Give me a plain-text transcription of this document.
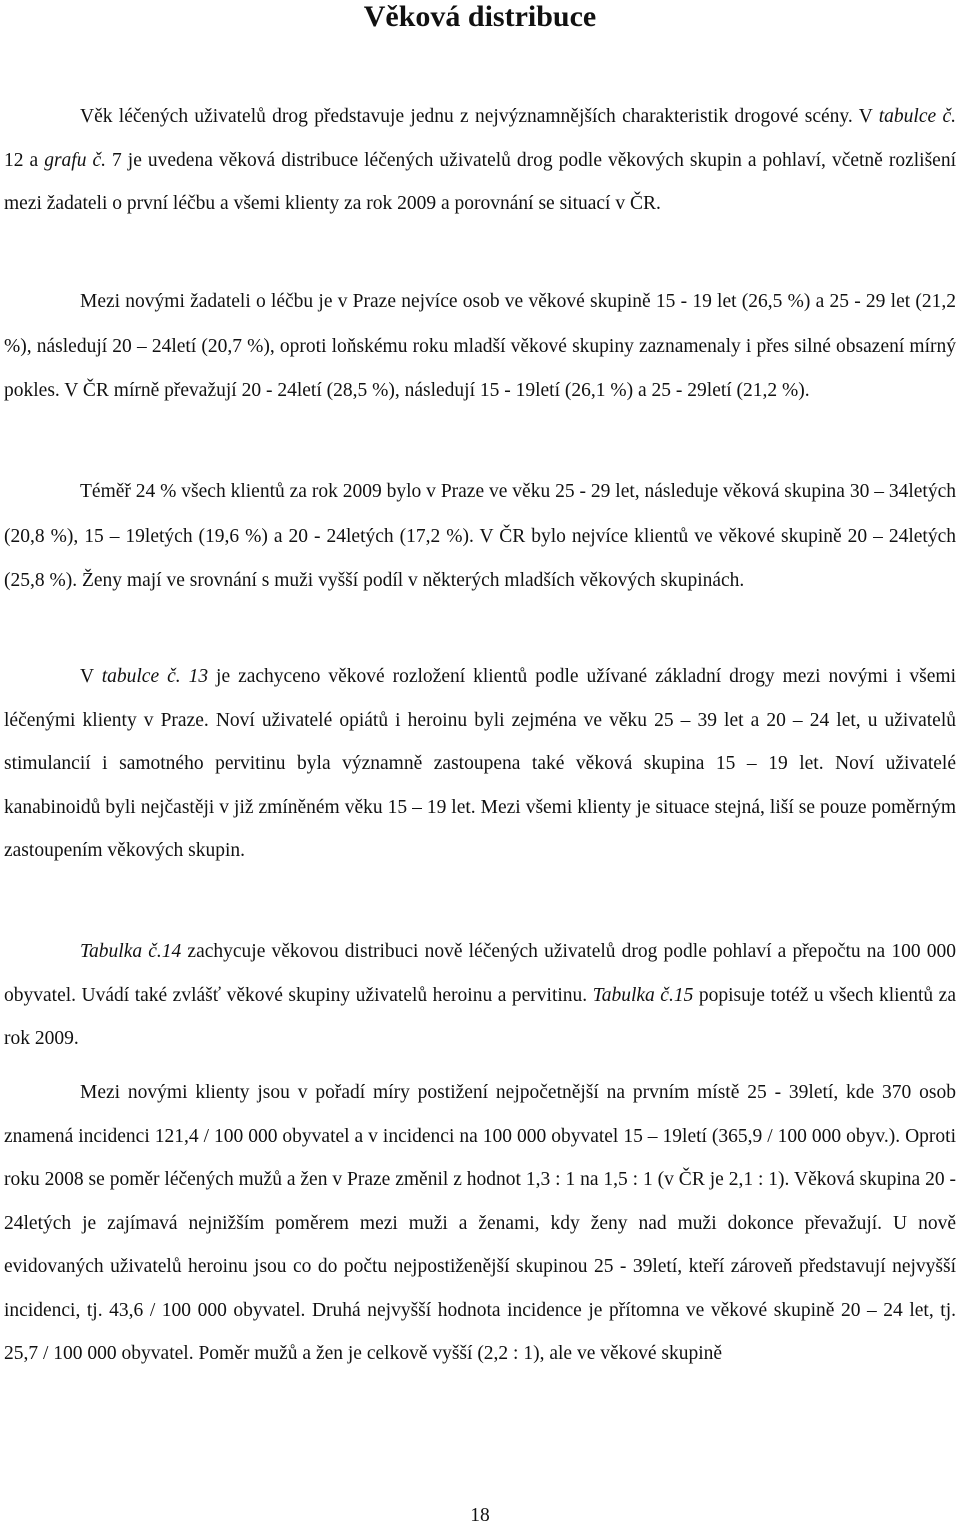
Věková distribuce

Věk léčených uživatelů drog představuje jednu z nejvýznamnějších charakteristik drogové scény. V tabulce č. 12 a grafu č. 7 je uvedena věková distribuce léčených uživatelů drog podle věkových skupin a pohlaví, včetně rozlišení mezi žadateli o první léčbu a všemi klienty za rok 2009 a porovnání se situací v ČR.

Mezi novými žadateli o léčbu je v Praze nejvíce osob ve věkové skupině 15 - 19 let (26,5 %) a 25 - 29 let (21,2 %), následují 20 – 24letí (20,7 %), oproti loňskému roku mladší věkové skupiny zaznamenaly i přes silné obsazení mírný pokles. V ČR mírně převažují 20 - 24letí (28,5 %), následují 15 - 19letí (26,1 %) a 25 - 29letí (21,2 %).

Téměř 24 % všech klientů za rok 2009 bylo v Praze ve věku 25 - 29 let, následuje věková skupina 30 – 34letých (20,8 %), 15 – 19letých (19,6 %) a 20 - 24letých (17,2 %). V ČR bylo nejvíce klientů ve věkové skupině 20 – 24letých (25,8 %). Ženy mají ve srovnání s muži vyšší podíl v některých mladších věkových skupinách.

V tabulce č. 13 je zachyceno věkové rozložení klientů podle užívané základní drogy mezi novými i všemi léčenými klienty v Praze. Noví uživatelé opiátů i heroinu byli zejména ve věku 25 – 39 let a 20 – 24 let, u uživatelů stimulancií i samotného pervitinu byla významně zastoupena také věková skupina 15 – 19 let. Noví uživatelé kanabinoidů byli nejčastěji v již zmíněném věku 15 – 19 let. Mezi všemi klienty je situace stejná, liší se pouze poměrným zastoupením věkových skupin.

Tabulka č.14 zachycuje věkovou distribuci nově léčených uživatelů drog podle pohlaví a přepočtu na 100 000 obyvatel. Uvádí také zvlášť věkové skupiny uživatelů heroinu a pervitinu. Tabulka č.15 popisuje totéž u všech klientů za rok 2009.

Mezi novými klienty jsou v pořadí míry postižení nejpočetnější na prvním místě 25 - 39letí, kde 370 osob znamená incidenci 121,4 / 100 000 obyvatel a v incidenci na 100 000 obyvatel 15 – 19letí (365,9 / 100 000 obyv.). Oproti roku 2008 se poměr léčených mužů a žen v Praze změnil z hodnot 1,3 : 1 na 1,5 : 1 (v ČR je 2,1 : 1). Věková skupina 20 - 24letých je zajímavá nejnižším poměrem mezi muži a ženami, kdy ženy nad muži dokonce převažují. U nově evidovaných uživatelů heroinu jsou co do počtu nejpostiženější skupinou 25 - 39letí, kteří zároveň představují nejvyšší incidenci, tj. 43,6 / 100 000 obyvatel. Druhá nejvyšší hodnota incidence je přítomna ve věkové skupině 20 – 24 let, tj. 25,7 / 100 000 obyvatel. Poměr mužů a žen je celkově vyšší (2,2 : 1), ale ve věkové skupině

18
